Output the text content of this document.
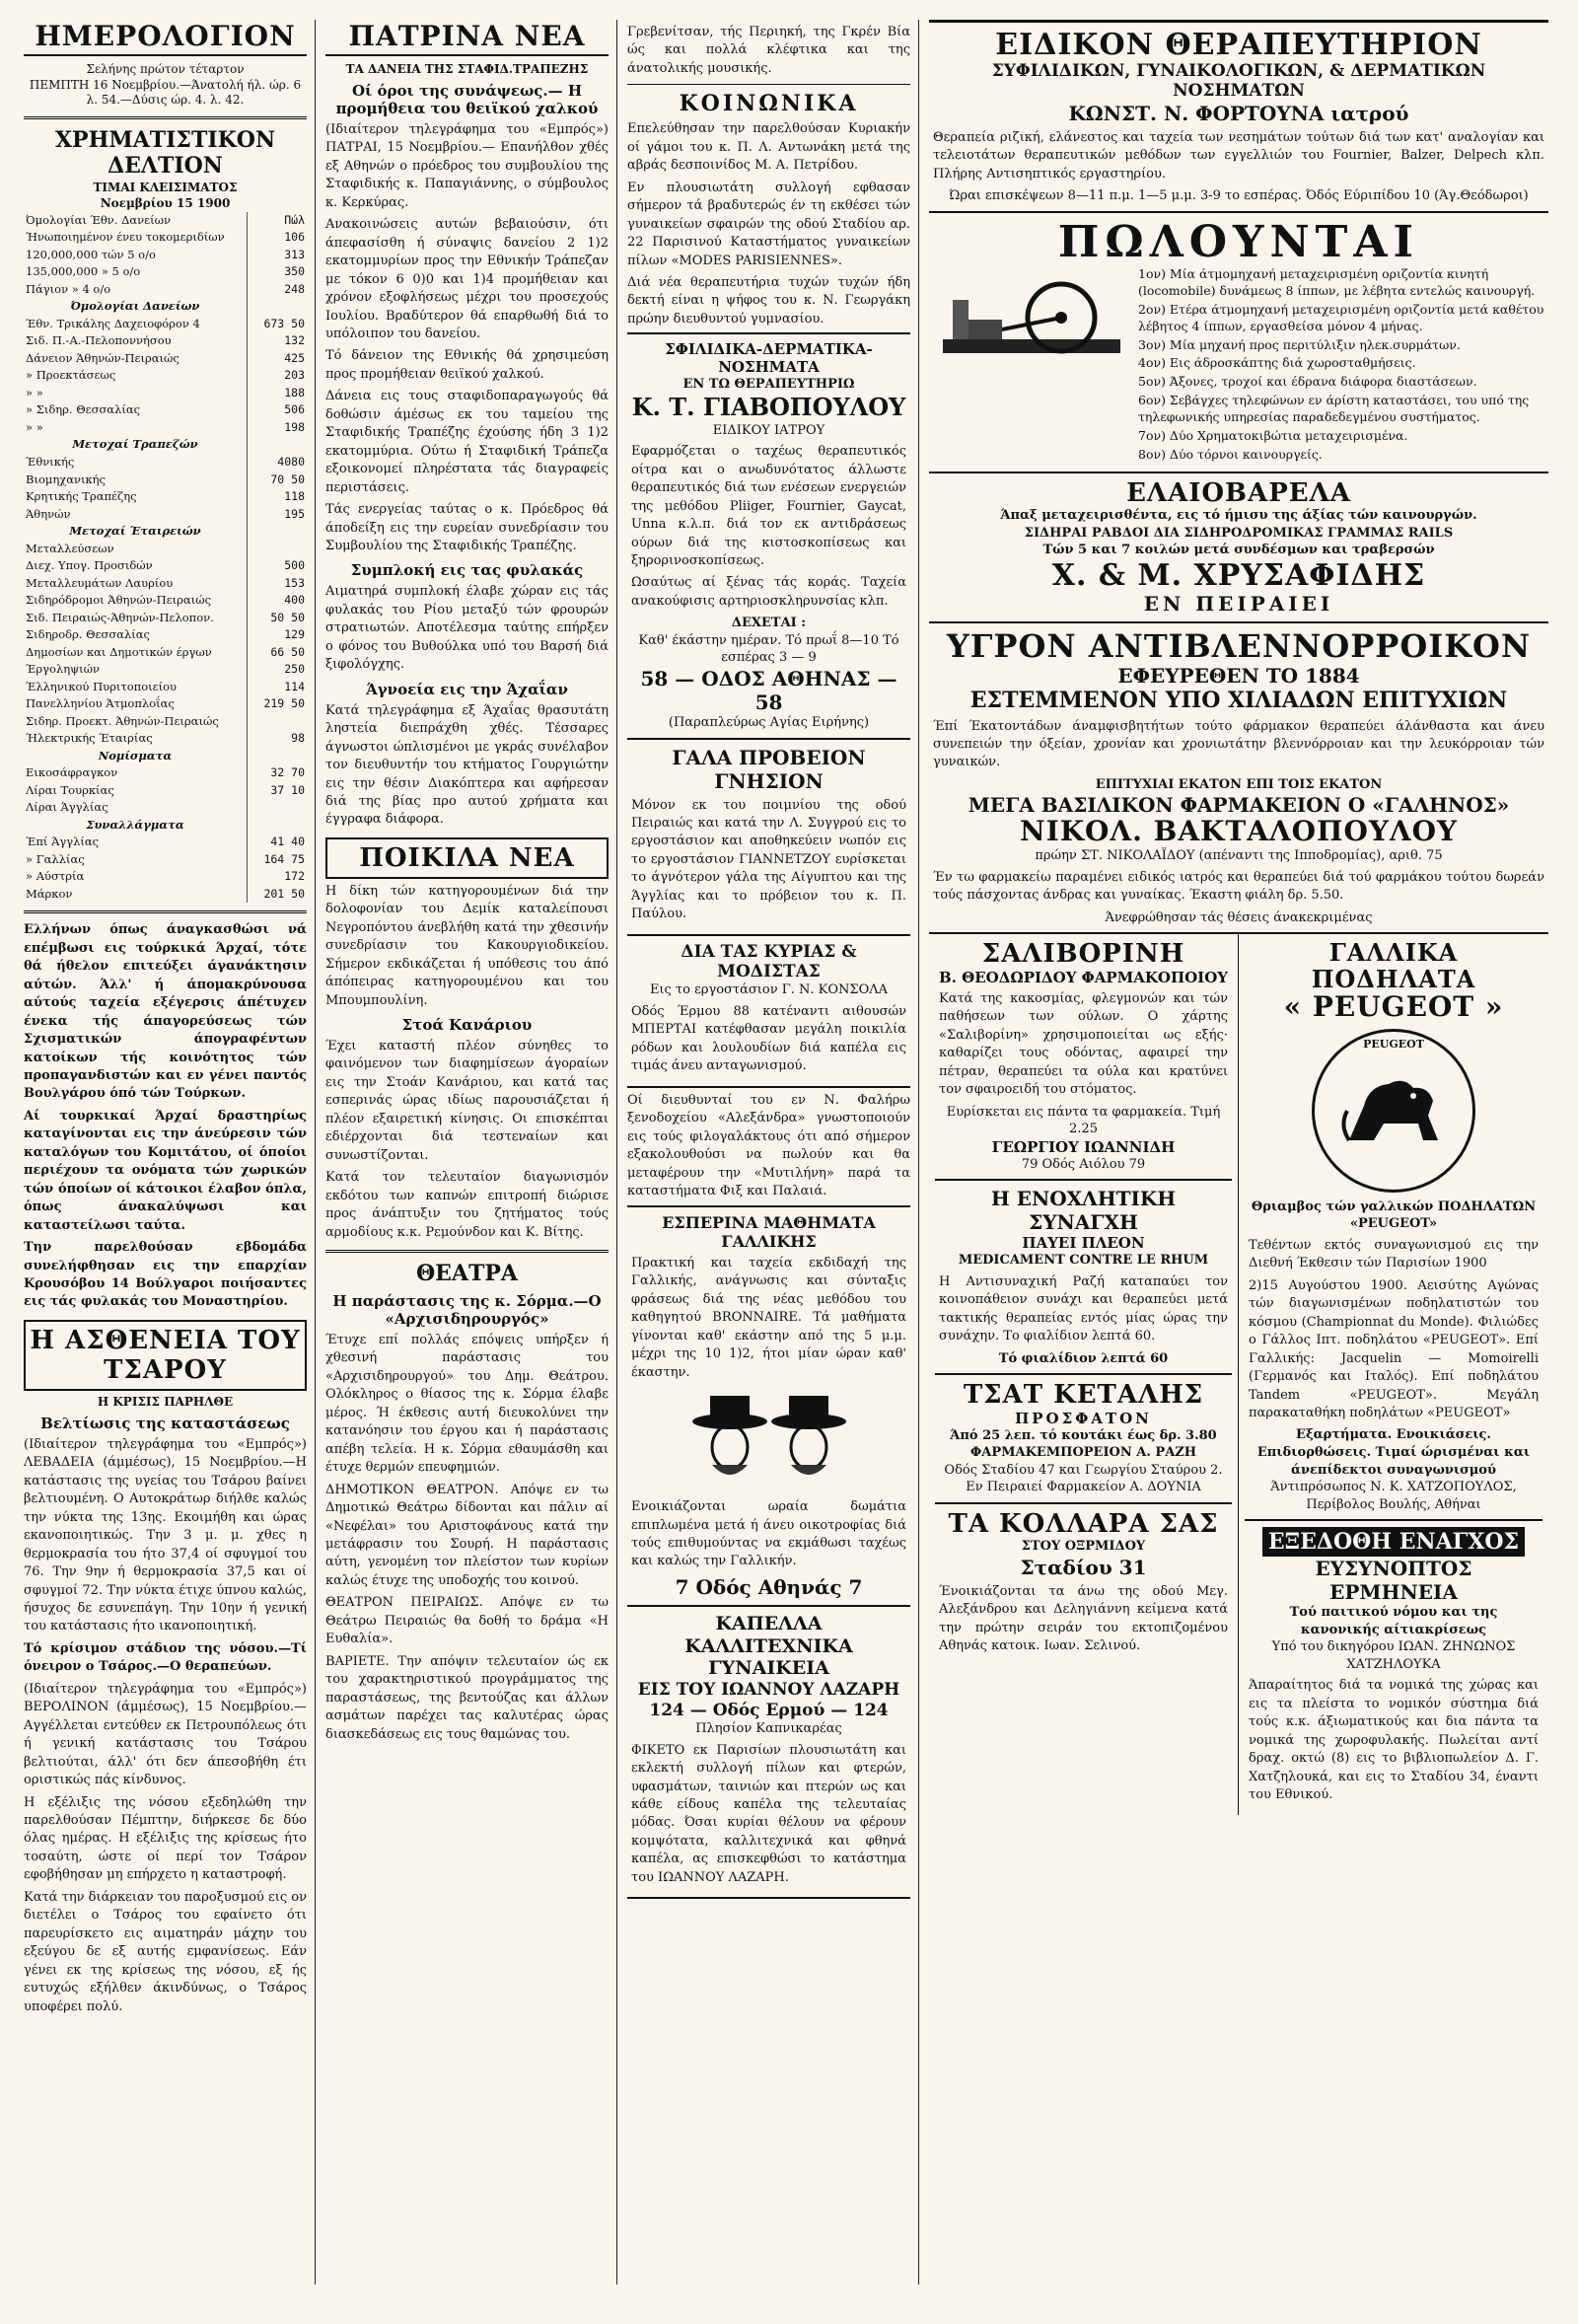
ΗΜΕΡΟΛΟΓΙΟΝ
Σελήνης πρώτον τέταρτον
ΠΕΜΠΤΗ 16 Νοεμβρίου.—Άνατολή ήλ. ώρ. 6 λ. 54.—Δύσις ώρ. 4. λ. 42.
ΧΡΗΜΑΤΙΣΤΙΚΟΝ ΔΕΛΤΙΟΝ
ΤΙΜΑΙ ΚΛΕΙΣΙΜΑΤΟΣ
Νοεμβρίου 15 1900
Όμολογίαι Έθν. Δανείων	Πώλ
Ήνωποιημένον ένευ τοκομεριδίων	106
120,000,000 τών 5 ο/ο	313
135,000,000 » 5 ο/ο	350
Πάγιον » 4 ο/ο	248
Όμολογίαι Δανείων	
Έθν. Τρικάλης Δαχειοφόρον 4	673 50
Σιδ. Π.-Α.-Πελοποννήσου	132
Δάνειον Άθηνών-Πειραιώς	425
» Προεκτάσεως	203
» »	188
» Σιδηρ. Θεσσαλίας	506
» »	198
Μετοχαί Τραπεζών	
Έθνικής	4080
Βιομηχανικής	70 50
Κρητικής Τραπέζης	118
Άθηνών	195
Μετοχαί Έταιρειών	
Μεταλλεύσεων	
Διεχ. Υπογ. Προσιδών	500
Μεταλλευμάτων Λαυρίου	153
Σιδηρόδρομοι Άθηνών-Πειραιώς	400
Σιδ. Πειραιώς-Άθηνών-Πελοπον.	50 50
Σιδηροδρ. Θεσσαλίας	129
Δημοσίων και Δημοτικών έργων	66 50
Έργοληψιών	250
Έλληνικού Πυριτοποιείου	114
Πανελληνίου Άτμοπλοΐας	219 50
Σιδηρ. Προεκτ. Άθηνών-Πειραιώς	
Ήλεκτρικής Έταιρίας	98
Νομίσματα	
Εικοσάφραγκον	32 70
Λίραι Τουρκίας	37 10
Λίραι Άγγλίας	
Συναλλάγματα	
Έπί Άγγλίας	41 40
» Γαλλίας	164 75
» Αύστρία	172
Μάρκον	201 50

Ελλήνων όπως άναγκασθώσι νά επέμβωσι εις τούρκικά Άρχαί, τότε θά ήθελον επιτεύξει άγανάκτησιν αύτών. Άλλ' ή άπομακρύνουσα αύτούς ταχεία εξέγερσις άπέτυχεν ένεκα τής άπαγορεύσεως τών Σχισματικών άπογραφέντων κατοίκων τής κοινότητος τών προπαγανδιστών και εν γένει παντός Βουλγάρου όπό τών Τούρκων.

Αί τουρκικαί Άρχαί δραστηρίως καταγίνονται εις την άνεύρεσιν τών καταλόγων του Κομιτάτου, οί όποίοι περιέχουν τα ονόματα τών χωρικών τών όποίων οί κάτοικοι έλαβον όπλα, όπως άνακαλύψωσι και καταστείλωσι ταύτα.

Την παρελθούσαν εβδομάδα συνελήφθησαν εις την επαρχίαν Κρουσόβου 14 Βούλγαροι ποιήσαντες εις τάς φυλακάς του Μοναστηρίου.

Η ΑΣΘΕΝΕΙΑ ΤΟΥ ΤΣΑΡΟΥ
Η ΚΡΙΣΙΣ ΠΑΡΗΛΘΕ
Βελτίωσις της καταστάσεως

(Ιδιαίτερον τηλεγράφημα του «Εμπρός») ΛΕΒΑΔΕΙΑ (άμμέσως), 15 Νοεμβρίου.—Η κατάστασις της υγείας του Τσάρου βαίνει βελτιουμένη. Ο Αυτοκράτωρ διήλθε καλώς την νύκτα της 13ης. Εκοιμήθη και ώρας εκανοποιητικώς. Την 3 μ. μ. χθες η θερμοκρασία του ήτο 37,4 οί σφυγμοί του 76. Την 9ην ή θερμοκρασία 37,5 και οί σφυγμοί 72. Την νύκτα έτιχε ύπνου καλώς, ήσυχος δε εσυνεπάγη. Την 10ην ή γενική του κατάστασις ήτο ικανοποιητική.

Τό κρίσιμον στάδιον της νόσου.—Τί όνειρον ο Τσάρος.—Ο θεραπεύων.

(Ιδιαίτερον τηλεγράφημα του «Εμπρός») ΒΕΡΟΛΙΝΟΝ (άμμέσως), 15 Νοεμβρίου.—Αγγέλλεται εντεύθεν εκ Πετρουπόλεως ότι ή γενική κατάστασις του Τσάρου βελτιούται, άλλ' ότι δεν άπεσοβήθη έτι οριστικώς πάς κίνδυνος.

Η εξέλιξις της νόσου εξεδηλώθη την παρελθούσαν Πέμπτην, διήρκεσε δε δύο όλας ημέρας. Η εξέλιξις της κρίσεως ήτο τοσαύτη, ώστε οί περί τον Τσάρον εφοβήθησαν μη επήρχετο η καταστροφή.

Κατά την διάρκειαν του παροξυσμού εις ον διετέλει ο Τσάρος του εφαίνετο ότι παρευρίσκετο εις αιματηράν μάχην του εξεύγου δε εξ αυτής εμφανίσεως. Εάν γένει εκ της κρίσεως της νόσου, εξ ής ευτυχώς εξήλθεν άκινδύνως, ο Τσάρος υποφέρει πολύ.

ΠΑΤΡΙΝΑ ΝΕΑ
ΤΑ ΔΑΝΕΙΑ ΤΗΣ ΣΤΑΦΙΔ.ΤΡΑΠΕΖΗΣ
Οί όροι της συνάψεως.— Η προμήθεια του θειϊκού χαλκού

(Ιδιαίτερον τηλεγράφημα του «Εμπρός») ΠΑΤΡΑΙ, 15 Νοεμβρίου.— Επανήλθον χθές εξ Αθηνών ο πρόεδρος του συμβουλίου της Σταφιδικής κ. Παπαγιάννης, ο σύμβουλος κ. Κερκύρας.

Ανακοινώσεις αυτών βεβαιούσιν, ότι άπεφασίσθη ή σύναψις δανείου 2 1)2 εκατομμυρίων προς την Εθνικήν Τράπεζαν με τόκον 6 0)0 και 1)4 προμήθειαν και χρόνον εξοφλήσεως μέχρι του προσεχούς Ιουλίου. Βραδύτερον θά επαρθωθή διά το υπόλοιπον του δανείου.

Τό δάνειον της Εθνικής θά χρησιμεύση προς προμήθειαν θειϊκού χαλκού.

Δάνεια εις τους σταφιδοπαραγωγούς θά δοθώσιν άμέσως εκ του ταμείου της Σταφιδικής Τραπέζης έχούσης ήδη 3 1)2 εκατομμύρια. Ούτω ή Σταφιδική Τράπεζα εξοικονομεί πληρέστατα τάς διαγραφείς περιστάσεις.

Τάς ενεργείας ταύτας ο κ. Πρόεδρος θά άποδείξη εις την ευρείαν συνεδρίασιν του Συμβουλίου της Σταφιδικής Τραπέζης.

Συμπλοκή εις τας φυλακάς

Αιματηρά συμπλοκή έλαβε χώραν εις τάς φυλακάς του Ρίου μεταξύ τών φρουρών στρατιωτών. Αποτέλεσμα ταύτης επήρξεν ο φόνος του Βυθούλκα υπό του Βαρσή διά ξιφολόγχης.

Άγνοεία εις την Άχαΐαν

Κατά τηλεγράφημα εξ Άχαΐας θρασυτάτη ληστεία διεπράχθη χθές. Τέσσαρες άγνωστοι ώπλισμένοι με γκράς συνέλαβον τον διευθυντήν του κτήματος Γουργιώτην εις την θέσιν Διακόπτερα και αφήρεσαν διά της βίας προ αυτού χρήματα και έγγραφα διάφορα.

ΠΟΙΚΙΛΑ ΝΕΑ

Η δίκη τών κατηγορουμένων διά την δολοφονίαν του Δεμίκ καταλείπουσι Νεγροπόντου άνεβλήθη κατά την χθεσινήν συνεδρίασιν του Κακουργιοδικείου. Σήμερον εκδικάζεται ή υπόθεσις του άπό άπόπειρας κατηγορουμένου και του Μπουμπουλίνη.

Στοά Κανάριου

Έχει καταστή πλέον σύνηθες το φαινόμενον των διαφημίσεων άγοραίων εις την Στοάν Κανάριου, και κατά τας εσπερινάς ώρας ιδίως παρουσιάζεται ή πλέον εξαιρετική κίνησις. Οι επισκέπται εδιέρχονται διά τεστεναίων και συνωστίζονται.

Κατά τον τελευταίον διαγωνισμόν εκδότου των καπνών επιτροπή διώρισε προς άνάπτυξιν του ζητήματος τούς αρμοδίους κ.κ. Ρεμούνδον και Κ. Βίτης.

ΘΕΑΤΡΑ
Η παράστασις της κ. Σόρμα.—Ο «Αρχισιδηρουργός»

Έτυχε επί πολλάς επόψεις υπήρξεν ή χθεσινή παράστασις του «Αρχισιδηρουργού» του Δημ. Θεάτρου. Ολόκληρος ο θίασος της κ. Σόρμα έλαβε μέρος. Ή έκθεσις αυτή διευκολύνει την κατανόησιν του έργου και ή παράστασις απέβη τελεία. Η κ. Σόρμα εθαυμάσθη και έτυχε θερμών επευφημιών.

ΔΗΜΟΤΙΚΟΝ ΘΕΑΤΡΟΝ. Απόψε εν τω Δημοτικώ Θεάτρω δίδονται και πάλιν αί «Νεφέλαι» του Αριστοφάνους κατά την μετάφρασιν του Σουρή. Η παράστασις αύτη, γενομένη τον πλείστον των κυρίων καλώς έτυχε της υποδοχής του κοινού.

ΘΕΑΤΡΟΝ ΠΕΙΡΑΙΩΣ. Απόψε εν τω Θεάτρω Πειραιώς θα δοθή το δράμα «Η Ευθαλία».

ΒΑΡΙΕΤΕ. Την απόψιν τελευταίον ώς εκ του χαρακτηριστικού προγράμματος της παραστάσεως, της βεντούζας και άλλων ασμάτων παρέχει τας καλυτέρας ώρας διασκεδάσεως εις τους θαμώνας του.

Γρεβενίτσαν, τής Περιηκή, της Γκρέν Βία ώς και πολλά κλέφτικα και της άνατολικής μουσικής.

ΚΟΙΝΩΝΙΚΑ

Επελεύθησαν την παρελθούσαν Κυριακήν οί γάμοι του κ. Π. Λ. Αντωνάκη μετά της αβράς δεσποινίδος Μ. Α. Πετρίδου.

Εν πλουσιωτάτη συλλογή εφθασαν σήμερον τά βραδυτερώς έν τη εκθέσει τών γυναικείων σφαιρών της οδού Σταδίου αρ. 22 Παρισινού Καταστήματος γυναικείων πίλων «ΜΟDES PARISIENNES».

Διά νέα θεραπευτήρια τυχών τυχών ήδη δεκτή είναι η ψήφος του κ. Ν. Γεωργάκη πρώην διευθυντού γυμνασίου.

ΣΦΙΛΙΔΙΚΑ-ΔΕΡΜΑΤΙΚΑ-ΝΟΣΗΜΑΤΑ
ΕΝ ΤΩ ΘΕΡΑΠΕΥΤΗΡΙΩ
Κ. Τ. ΓΙΑΒΟΠΟΥΛΟΥ
ΕΙΔΙΚΟΥ ΙΑΤΡΟΥ

Εφαρμόζεται ο ταχέως θεραπευτικός οίτρα και ο ανωδυνότατος άλλωστε θεραπευτικός διά των ενέσεων ενεργειών της μεθόδου Pliiger, Fournier, Gaycat, Unna κ.λ.π. διά τον εκ αντιδράσεως ούρων διά της κιστοσκοπίσεως και ξηρορινοσκοπίσεως.

Ωσαύτως αί ξένας τάς κοράς. Ταχεία ανακούφισις αρτηριοσκληρυνσίας κλπ.

ΔΕΧΕΤΑΙ :
Καθ' έκάστην ημέραν. Τό πρωΐ 8—10 Τό εσπέρας 3 — 9
58 — ΟΔΟΣ ΑΘΗΝΑΣ — 58
(Παραπλεύρως Αγίας Ειρήνης)
ΓΑΛΑ ΠΡΟΒΕΙΟΝ ΓΝΗΣΙΟΝ

Μόνον εκ του ποιμνίου της οδού Πειραιώς και κατά την Λ. Συγγρού εις το εργοστάσιον και αποθηκεύειν νωπόν εις το εργοστάσιον ΓΙΑΝΝΕΤΖΟΥ ευρίσκεται το άγνότερον γάλα της Αίγυπτου και της Άγγλίας και το πρόβειον του κ. Π. Παύλου.

ΔΙΑ ΤΑΣ ΚΥΡΙΑΣ & ΜΟΔΙΣΤΑΣ
Εις το εργοστάσιον Γ. Ν. ΚΟΝΣΟΛΑ

Οδός Έρμου 88 κατέναντι αιθουσών ΜΠΕΡΤΑΙ κατέφθασαν μεγάλη ποικιλία ρόδων και λουλουδίων διά καπέλα εις τιμάς άνευ ανταγωνισμού.

Οί διευθυνταί του εν Ν. Φαλήρω ξενοδοχείου «Αλεξάνδρα» γνωστοποιούν εις τούς φιλογαλάκτους ότι από σήμερον εξακολουθούσι να πωλούν και θα μεταφέρουν την «Μυτιλήνη» παρά τα καταστήματα Φιξ και Παλαιά.

ΕΣΠΕΡΙΝΑ ΜΑΘΗΜΑΤΑ ΓΑΛΛΙΚΗΣ

Πρακτική και ταχεία εκδιδαχή της Γαλλικής, ανάγνωσις και σύνταξις φράσεως διά της νέας μεθόδου του καθηγητού BRONNAIRE. Τά μαθήματα γίνονται καθ' εκάστην από της 5 μ.μ. μέχρι της 10 1)2, ήτοι μίαν ώραν καθ' έκαστην.

Ενοικιάζονται ωραία δωμάτια επιπλωμένα μετά ή άνευ οικοτροφίας διά τούς επιθυμούντας να εκμάθωσι ταχέως και καλώς την Γαλλικήν.

7 Οδός Αθηνάς 7
ΚΑΠΕΛΛΑ ΚΑΛΛΙΤΕΧΝΙΚΑ ΓΥΝΑΙΚΕΙΑ
ΕΙΣ ΤΟΥ ΙΩΑΝΝΟΥ ΛΑΖΑΡΗ
124 — Οδός Ερμού — 124
Πλησίον Καπνικαρέας

ΦΙΚΕΤΟ εκ Παρισίων πλουσιωτάτη και εκλεκτή συλλογή πίλων και φτερών, υφασμάτων, ταινιών και πτερών ως και κάθε είδους καπέλα της τελευταίας μόδας. Όσαι κυρίαι θέλουν να φέρουν κομψότατα, καλλιτεχνικά και φθηνά καπέλα, ας επισκεφθώσι το κατάστημα του ΙΩΑΝΝΟΥ ΛΑΖΑΡΗ.

ΕΙΔΙΚΟΝ ΘΕΡΑΠΕΥΤΗΡΙΟΝ
ΣΥΦΙΛΙΔΙΚΩΝ, ΓΥΝΑΙΚΟΛΟΓΙΚΩΝ, & ΔΕΡΜΑΤΙΚΩΝ ΝΟΣΗΜΑΤΩΝ
ΚΩΝΣΤ. Ν. ΦΟΡΤΟΥΝΑ ιατρού

Θεραπεία ριζική, ελάνεστος και ταχεία των νεσημάτων τούτων διά των κατ' αναλογίαν και τελειοτάτων θεραπευτικών μεθόδων των εγγελλιών του Fournier, Balzer, Delpech κλπ. Πλήρης Αντισηπτικός εργαστηρίου.

Ώραι επισκέψεων 8—11 π.μ. 1—5 μ.μ. 3-9 το εσπέρας. Όδός Εύριπίδου 10 (Άγ.Θεόδωροι)
ΠΩΛΟΥΝΤΑΙ
1ον) Μία άτμομηχανή μεταχειρισμένη οριζοντία κινητή (locomobile) δυνάμεως 8 ίππων, με λέβητα εντελώς καινουργή.
2ον) Ετέρα άτμομηχανή μεταχειρισμένη οριζοντία μετά καθέτου λέβητος 4 ίππων, εργασθείσα μόνον 4 μήνας.
3ον) Μία μηχανή προς περιτύλιξιν ηλεκ.συρμάτων.
4ον) Εις άδροσκάπτης διά χωροσταθμήσεις.
5ον) Άξονες, τροχοί και έδρανα διάφορα διαστάσεων.
6ον) Σεβάγχες τηλεφώνων εν άρίστη καταστάσει, του υπό της τηλεφωνικής υπηρεσίας παραδεδεγμένου συστήματος.
7ον) Δύο Χρηματοκιβώτια μεταχειρισμένα.
8ον) Δύο τόρνοι καινουργείς.
ΕΛΑΙΟΒΑΡΕΛΑ
Άπαξ μεταχειρισθέντα, εις τό ήμισυ της άξίας τών καινουργών.
ΣΙΔΗΡΑΙ ΡΑΒΔΟΙ ΔΙΑ ΣΙΔΗΡΟΔΡΟΜΙΚΑΣ ΓΡΑΜΜΑΣ RAILS
Τών 5 και 7 κοιλών μετά συνδέσμων και τραβερσών
Χ. & Μ. ΧΡΥΣΑΦΙΔΗΣ
ΕΝ ΠΕΙΡΑΙΕΙ
ΥΓΡΟΝ ΑΝΤΙΒΛΕΝΝΟΡΡΟΙΚΟΝ
ΕΦΕΥΡΕΘΕΝ ΤΟ 1884
ΕΣΤΕΜΜΕΝΟΝ ΥΠΟ ΧΙΛΙΑΔΩΝ ΕΠΙΤΥΧΙΩΝ

Έπί Έκατοντάδων άναμφισβητήτων τούτο φάρμακον θεραπεύει άλάνθαστα και άνευ συνεπειών την όξείαν, χρονίαν και χρονιωτάτην βλεννόρροιαν και την λευκόρροιαν τών γυναικών.

ΕΠΙΤΥΧΙΑΙ ΕΚΑΤΟΝ ΕΠΙ ΤΟΙΣ ΕΚΑΤΟΝ
ΜΕΓΑ ΒΑΣΙΛΙΚΟΝ ΦΑΡΜΑΚΕΙΟΝ Ο «ΓΑΛΗΝΟΣ»
ΝΙΚΟΛ. ΒΑΚΤΑΛΟΠΟΥΛΟΥ
πρώην ΣΤ. ΝΙΚΟΛΑΪΔΟΥ (απέναντι της Ιπποδρομίας), αριθ. 75

Έν τω φαρμακείω παραμένει ειδικός ιατρός και θεραπεύει διά τού φαρμάκου τούτου δωρεάν τούς πάσχοντας άνδρας και γυναίκας. Έκαστη φιάλη δρ. 5.50.

Άνεφρώθησαν τάς θέσεις άνακεκριμένας
ΣΑΛΙΒΟΡΙΝΗ
Β. ΘΕΟΔΩΡΙΔΟΥ ΦΑΡΜΑΚΟΠΟΙΟΥ

Κατά της κακοσμίας, φλεγμονών και τών παθήσεων των ούλων. Ο χάρτης «Σαλιβορίνη» χρησιμοποιείται ως εξής· καθαρίζει τους οδόντας, αφαιρεί την πέτραν, θεραπεύει τα ούλα και κρατύνει τον σφαιροειδή του στόματος.

Ευρίσκεται εις πάντα τα φαρμακεία. Τιμή 2.25
ΓΕΩΡΓΙΟΥ ΙΩΑΝΝΙΔΗ
79 Οδός Αιόλου 79
Η ΕΝΟΧΛΗΤΙΚΗ ΣΥΝΑΓΧΗ
ΠΑΥΕΙ ΠΛΕΟΝ
MEDICAMENT CONTRE LE RHUM

Η Αντισυναχική Ραζή καταπαύει τον κοινοπάθειον συνάχι και θεραπεύει μετά τακτικής θεραπείας εντός μίας ώρας την συνάχην. Το φιαλίδιον λεπτά 60.

Τό φιαλίδιον λεπτά 60
ΤΣΑΤ ΚΕΤΑΛΗΣ
ΠΡΟΣΦΑΤΟΝ
Άπό 25 λεπ. τό κουτάκι έως δρ. 3.80
ΦΑΡΜΑΚΕΜΠΟΡΕΙΟΝ Α. ΡΑΖΗ
Οδός Σταδίου 47 και Γεωργίου Σταύρου 2. Εν Πειραιεί Φαρμακείον Α. ΔΟΥΝΙΑ
ΤΑ ΚΟΛΛΑΡΑ ΣΑΣ
ΣΤΟΥ ΟΞΡΜΙΔΟΥ
Σταδίου 31

Ένοικιάζονται τα άνω της οδού Μεγ. Αλεξάνδρου και Δεληγιάννη κείμενα κατά την πρώτην σειράν του εκτοπιζομένου Αθηνάς κατοικ. Ιωαν. Σελινού.

ΓΑΛΛΙΚΑ ΠΟΔΗΛΑΤΑ
« PEUGEOT »
PEUGEOT
Θριαμβος τών γαλλικών ΠΟΔΗΛΑΤΩΝ «PEUGEOT»

Τεθέντων εκτός συναγωνισμού εις την Διεθνή Έκθεσιν τών Παρισίων 1900

2)15 Αυγούστου 1900. Αεισύτης Αγώνας τών διαγωνισμένων ποδηλατιστών του κόσμου (Championnat du Monde). Φιλιώδες ο Γάλλος Ιπτ. ποδηλάτου «PEUGEOT». Επί Γαλλικής: Jacquelin — Momoirelli (Γερμανός και Ιταλός). Επί ποδηλάτου Tandem «PEUGEOT». Μεγάλη παρακαταθήκη ποδηλάτων «PEUGEOT»

Εξαρτήματα. Ενοικιάσεις. Επιδιορθώσεις. Τιμαί ώρισμέναι και άνεπίδεκτοι συναγωνισμού
Άντιπρόσωπος Ν. Κ. ΧΑΤΖΟΠΟΥΛΟΣ, Περίβολος Βουλής, Αθήναι
ΕΞΕΔΟΘΗ ΕΝΑΓΧΟΣ
ΕΥΣΥΝΟΠΤΟΣ ΕΡΜΗΝΕΙΑ
Τού παιτικού νόμου και της κανονικής αίτιακρίσεως
Υπό του δικηγόρου ΙΩΑΝ. ΖΗΝΩΝΟΣ ΧΑΤΖΗΛΟΥΚΑ

Άπαραίτητος διά τα νομικά της χώρας και εις τα πλείστα το νομικόν σύστημα διά τούς κ.κ. άξιωματικούς και δια πάντα τα νομικά της χωροφυλακής. Πωλείται αντί δραχ. οκτώ (8) εις το βιβλιοπωλείον Δ. Γ. Χατζηλουκά, και εις το Σταδίου 34, έναντι του Εθνικού.
